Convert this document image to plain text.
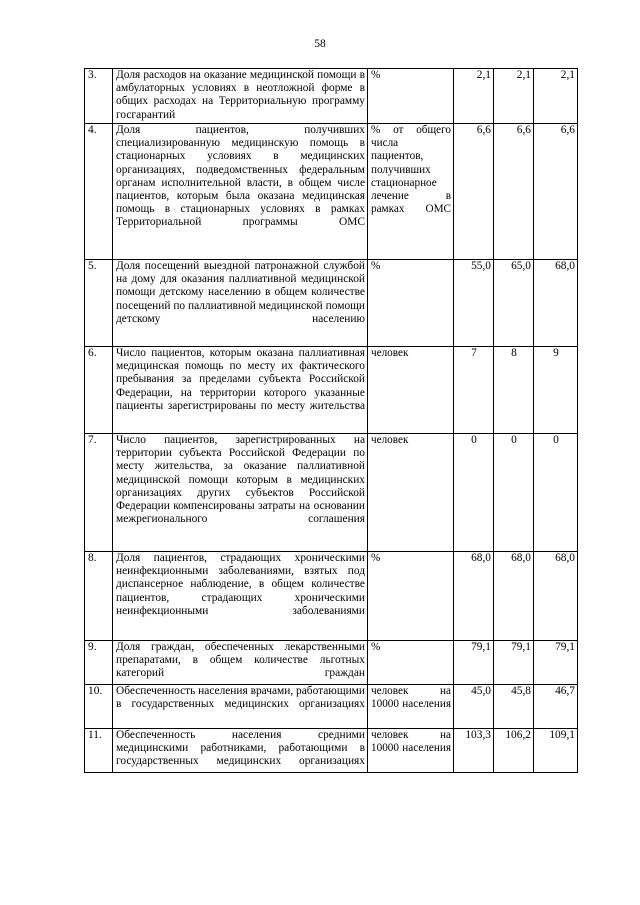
58
3.	Доля расходов на оказание медицинской помощи в амбулаторных условиях в неотложной форме в общих расходах на Территориальную программу госгарантий	%	2,1	2,1	2,1
4.	Доля пациентов, получивших специализированную медицинскую помощь в стационарных условиях в медицинских организациях, подведомственных федеральным органам исполнительной власти, в общем числе пациентов, которым была оказана медицинская помощь в стационарных условиях в рамках Территориальной программы ОМС	% от общего числа пациентов, получивших стационарное лечение в рамках ОМС	6,6	6,6	6,6
5.	Доля посещений выездной патронажной службой на дому для оказания паллиативной медицинской помощи детскому населению в общем количестве посещений по паллиативной медицинской помощи детскому населению	%	55,0	65,0	68,0
6.	Число пациентов, которым оказана паллиативная медицинская помощь по месту их фактического пребывания за пределами субъекта Российской Федерации, на территории которого указанные пациенты зарегистрированы по месту жительства	человек	7	8	9
7.	Число пациентов, зарегистрированных на территории субъекта Российской Федерации по месту жительства, за оказание паллиативной медицинской помощи которым в медицинских организациях других субъектов Российской Федерации компенсированы затраты на основании межрегионального соглашения	человек	0	0	0
8.	Доля пациентов, страдающих хроническими неинфекционными заболеваниями, взятых под диспансерное наблюдение, в общем количестве пациентов, страдающих хроническими неинфекционными заболеваниями	%	68,0	68,0	68,0
9.	Доля граждан, обеспеченных лекарственными препаратами, в общем количестве льготных категорий граждан	%	79,1	79,1	79,1
10.	Обеспеченность населения врачами, работающими в государственных медицинских организациях	человек на 10000 населения	45,0	45,8	46,7
11.	Обеспеченность населения средними медицинскими работниками, работающими в государственных медицинских организациях	человек на 10000 населения	103,3	106,2	109,1
